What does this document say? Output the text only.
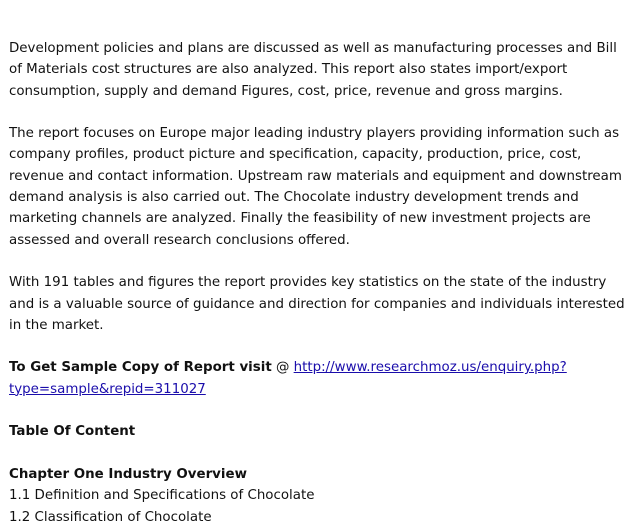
Development policies and plans are discussed as well as manufacturing processes and Bill

of Materials cost structures are also analyzed. This report also states import/export

consumption, supply and demand Figures, cost, price, revenue and gross margins.

The report focuses on Europe major leading industry players providing information such as

company profiles, product picture and specification, capacity, production, price, cost,

revenue and contact information. Upstream raw materials and equipment and downstream

demand analysis is also carried out. The Chocolate industry development trends and

marketing channels are analyzed. Finally the feasibility of new investment projects are

assessed and overall research conclusions offered.

With 191 tables and figures the report provides key statistics on the state of the industry

and is a valuable source of guidance and direction for companies and individuals interested

in the market.

To Get Sample Copy of Report visit @ http://www.researchmoz.us/enquiry.php?

type=sample&repid=311027

Table Of Content

Chapter One Industry Overview

1.1 Definition and Specifications of Chocolate

1.2 Classification of Chocolate
